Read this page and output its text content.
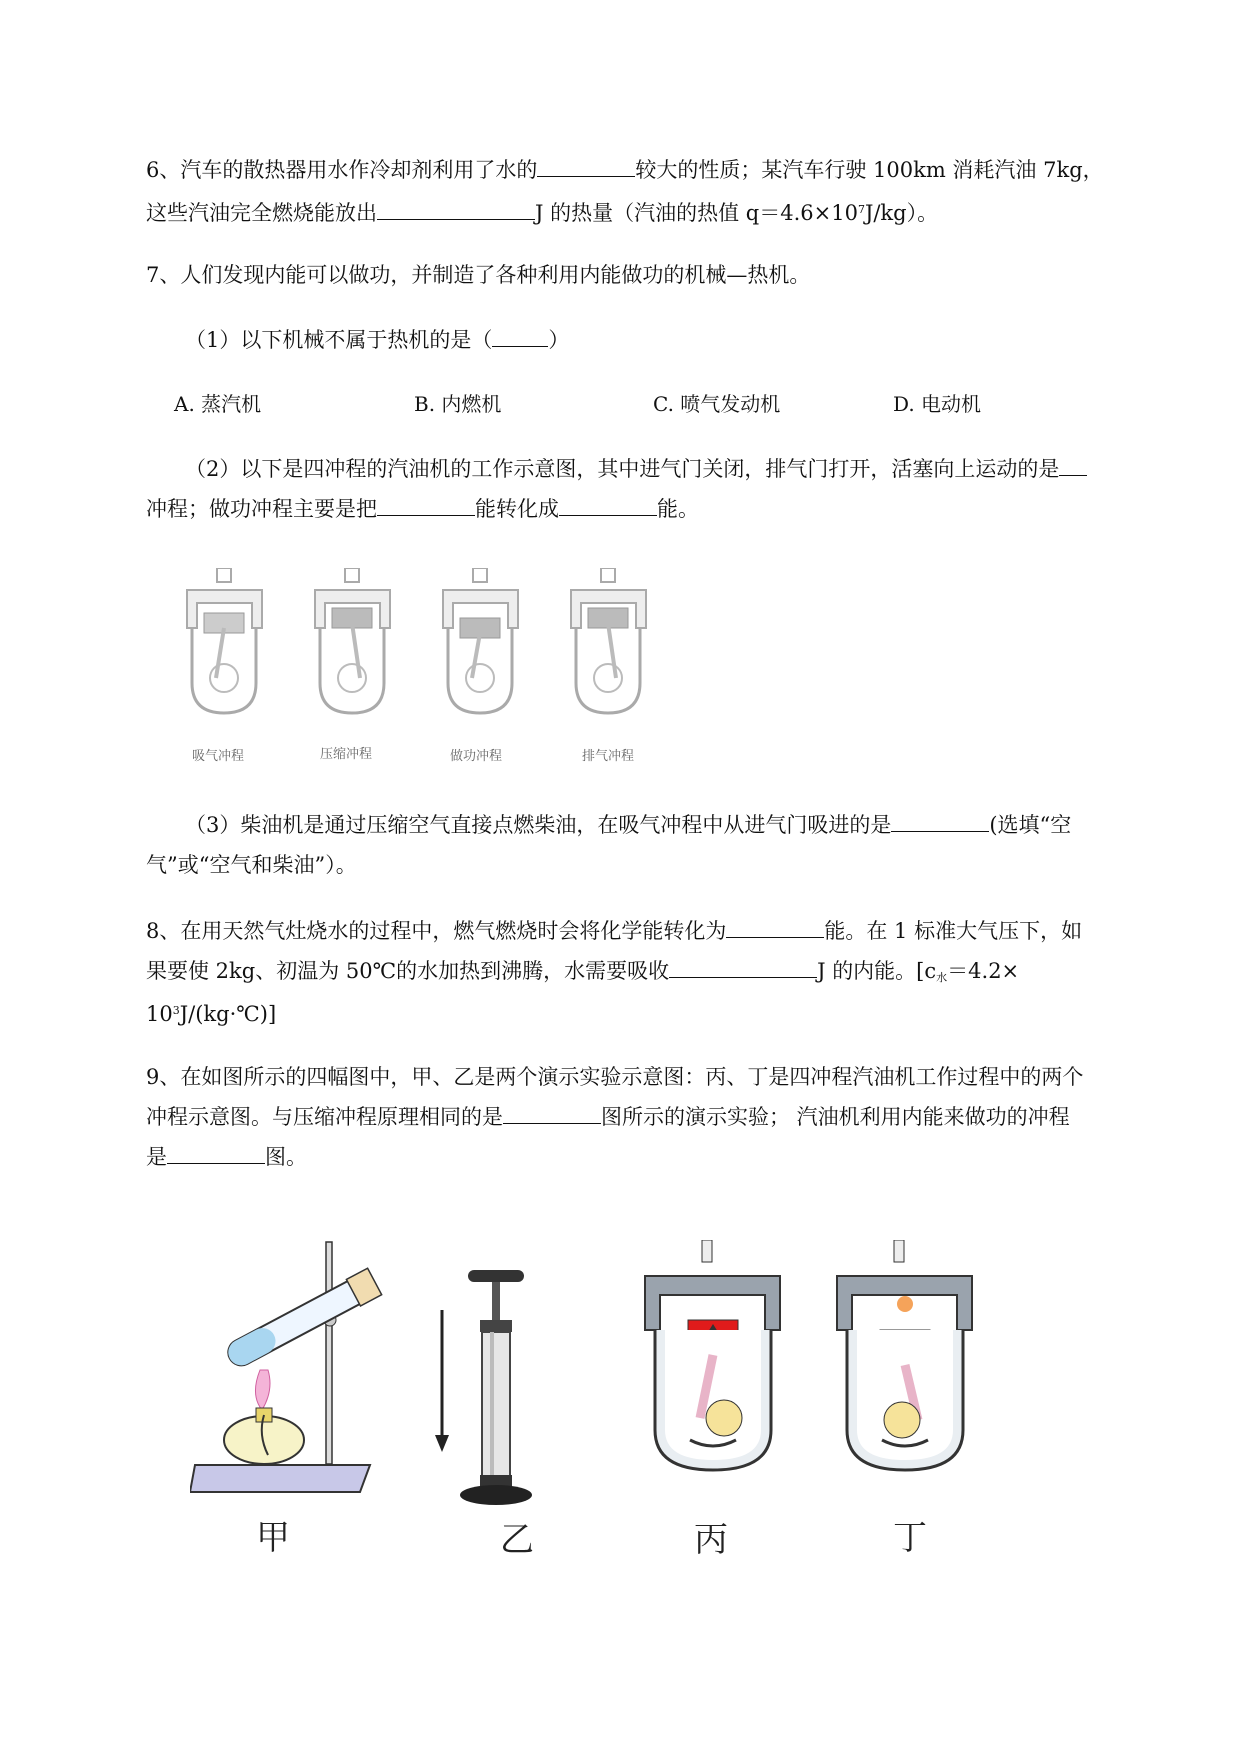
6、汽车的散热器用水作冷却剂利用了水的	较大的性质；某汽车行驶 100km 消耗汽油 7kg，
这些汽油完全燃烧能放出	J 的热量（汽油的热值 $q=4.6\times 10^7J/kg$）。
7、人们发现内能可以做功，并制造了各种利用内能做功的机械—热机。
（1）以下机械不属于热机的是（	）
A. 蒸汽机	B. 内燃机	C. 喷气发动机	D. 电动机
（2）以下是四冲程的汽油机的工作示意图，其中进气门关闭，排气门打开，活塞向上运动的是
冲程；做功冲程主要是把	能转化成	能。
吸气冲程	压缩冲程	做功冲程	排气冲程
（3）柴油机是通过压缩空气直接点燃柴油，在吸气冲程中从进气门吸进的是	(选填“空
气”或“空气和柴油”）。
8、在用天然气灶烧水的过程中，燃气燃烧时会将化学能转化为	能。在 1 标准大气压下，如
果要使 2kg、初温为 50℃的水加热到沸腾，水需要吸收	J 的内能。[$c_水=4.2\times$
$10^3J/(kg\cdot℃)$]
9、在如图所示的四幅图中，甲、乙是两个演示实验示意图：丙、丁是四冲程汽油机工作过程中的两个
冲程示意图。与压缩冲程原理相同的是	图所示的演示实验； 汽油机利用内能来做功的冲程
是	图。
甲	乙	丙	丁
